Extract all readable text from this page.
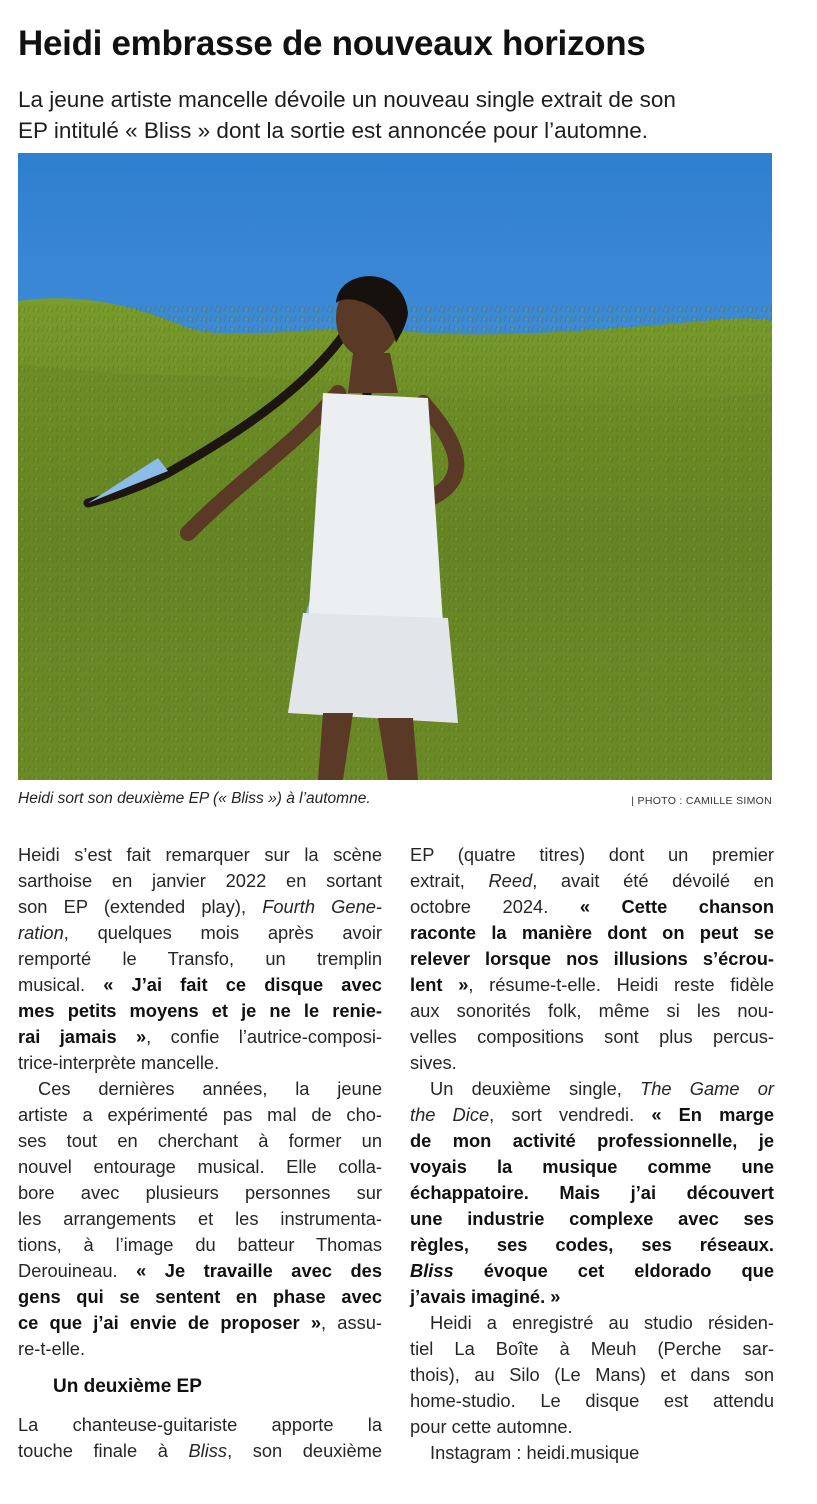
Heidi embrasse de nouveaux horizons

La jeune artiste mancelle dévoile un nouveau single extrait de son
EP intitulé « Bliss » dont la sortie est annoncée pour l’automne.

Heidi sort son deuxième EP (« Bliss ») à l’automne.	| PHOTO : CAMILLE SIMON
Heidi s’est fait remarquer sur la scène
sarthoise en janvier 2022 en sortant
son EP (extended play), Fourth Gene-
ration, quelques mois après avoir
remporté le Transfo, un tremplin
musical. « J’ai fait ce disque avec
mes petits moyens et je ne le renie-
rai jamais », confie l’autrice-composi-
trice-interprète mancelle.
Ces dernières années, la jeune
artiste a expérimenté pas mal de cho-
ses tout en cherchant à former un
nouvel entourage musical. Elle colla-
bore avec plusieurs personnes sur
les arrangements et les instrumenta-
tions, à l’image du batteur Thomas
Derouineau. « Je travaille avec des
gens qui se sentent en phase avec
ce que j’ai envie de proposer », assu-
re-t-elle.
Un deuxième EP
La chanteuse-guitariste apporte la
touche finale à Bliss, son deuxième
EP (quatre titres) dont un premier
extrait, Reed, avait été dévoilé en
octobre 2024. « Cette chanson
raconte la manière dont on peut se
relever lorsque nos illusions s’écrou-
lent », résume-t-elle. Heidi reste fidèle
aux sonorités folk, même si les nou-
velles compositions sont plus percus-
sives.
Un deuxième single, The Game or
the Dice, sort vendredi. « En marge
de mon activité professionnelle, je
voyais la musique comme une
échappatoire. Mais j’ai découvert
une industrie complexe avec ses
règles, ses codes, ses réseaux.
Bliss évoque cet eldorado que
j’avais imaginé. »
Heidi a enregistré au studio résiden-
tiel La Boîte à Meuh (Perche sar-
thois), au Silo (Le Mans) et dans son
home-studio. Le disque est attendu
pour cette automne.
Instagram : heidi.musique
